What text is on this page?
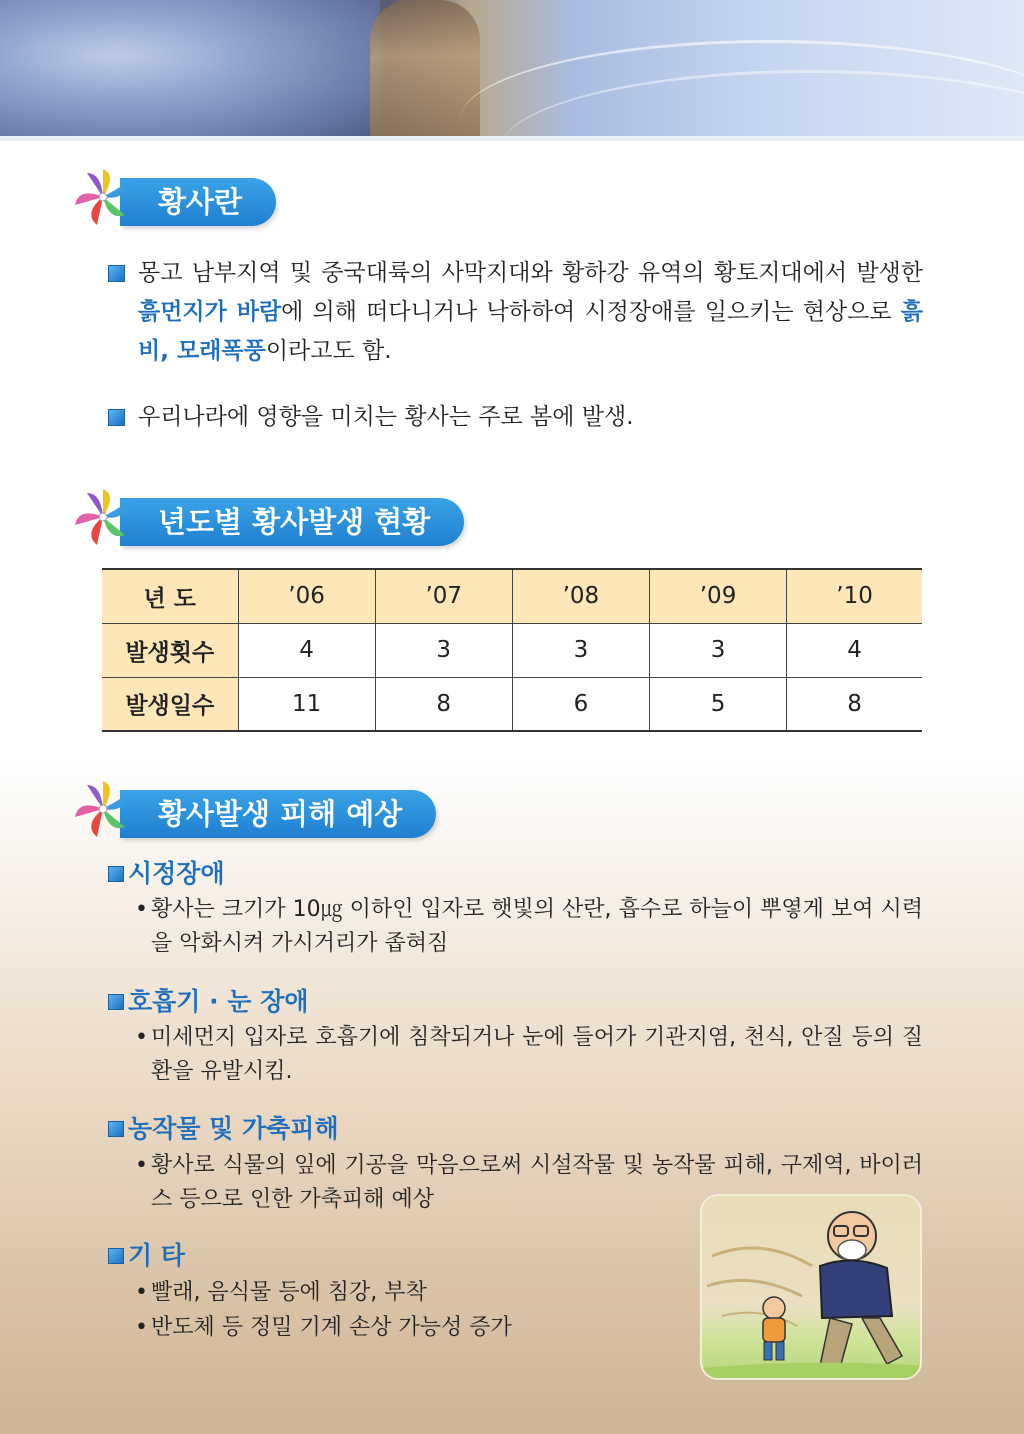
황사란
몽고 남부지역 및 중국대륙의 사막지대와 황하강 유역의 황토지대에서 발생한 흙먼지가 바람에 의해 떠다니거나 낙하하여 시정장애를 일으키는 현상으로 흙비, 모래폭풍이라고도 함.
우리나라에 영향을 미치는 황사는 주로 봄에 발생.
년도별 황사발생 현황
년 도	’06	’07	’08	’09	’10
발생횟수	4	3	3	3	4
발생일수	11	8	6	5	8
황사발생 피해 예상
시정장애
• 황사는 크기가 10㎍ 이하인 입자로 햇빛의 산란, 흡수로 하늘이 뿌옇게 보여 시력을 악화시켜 가시거리가 좁혀짐
호흡기 · 눈 장애
• 미세먼지 입자로 호흡기에 침착되거나 눈에 들어가 기관지염, 천식, 안질 등의 질환을 유발시킴.
농작물 및 가축피해
• 황사로 식물의 잎에 기공을 막음으로써 시설작물 및 농작물 피해, 구제역, 바이러스 등으로 인한 가축피해 예상
기 타
• 빨래, 음식물 등에 침강, 부착
• 반도체 등 정밀 기계 손상 가능성 증가
